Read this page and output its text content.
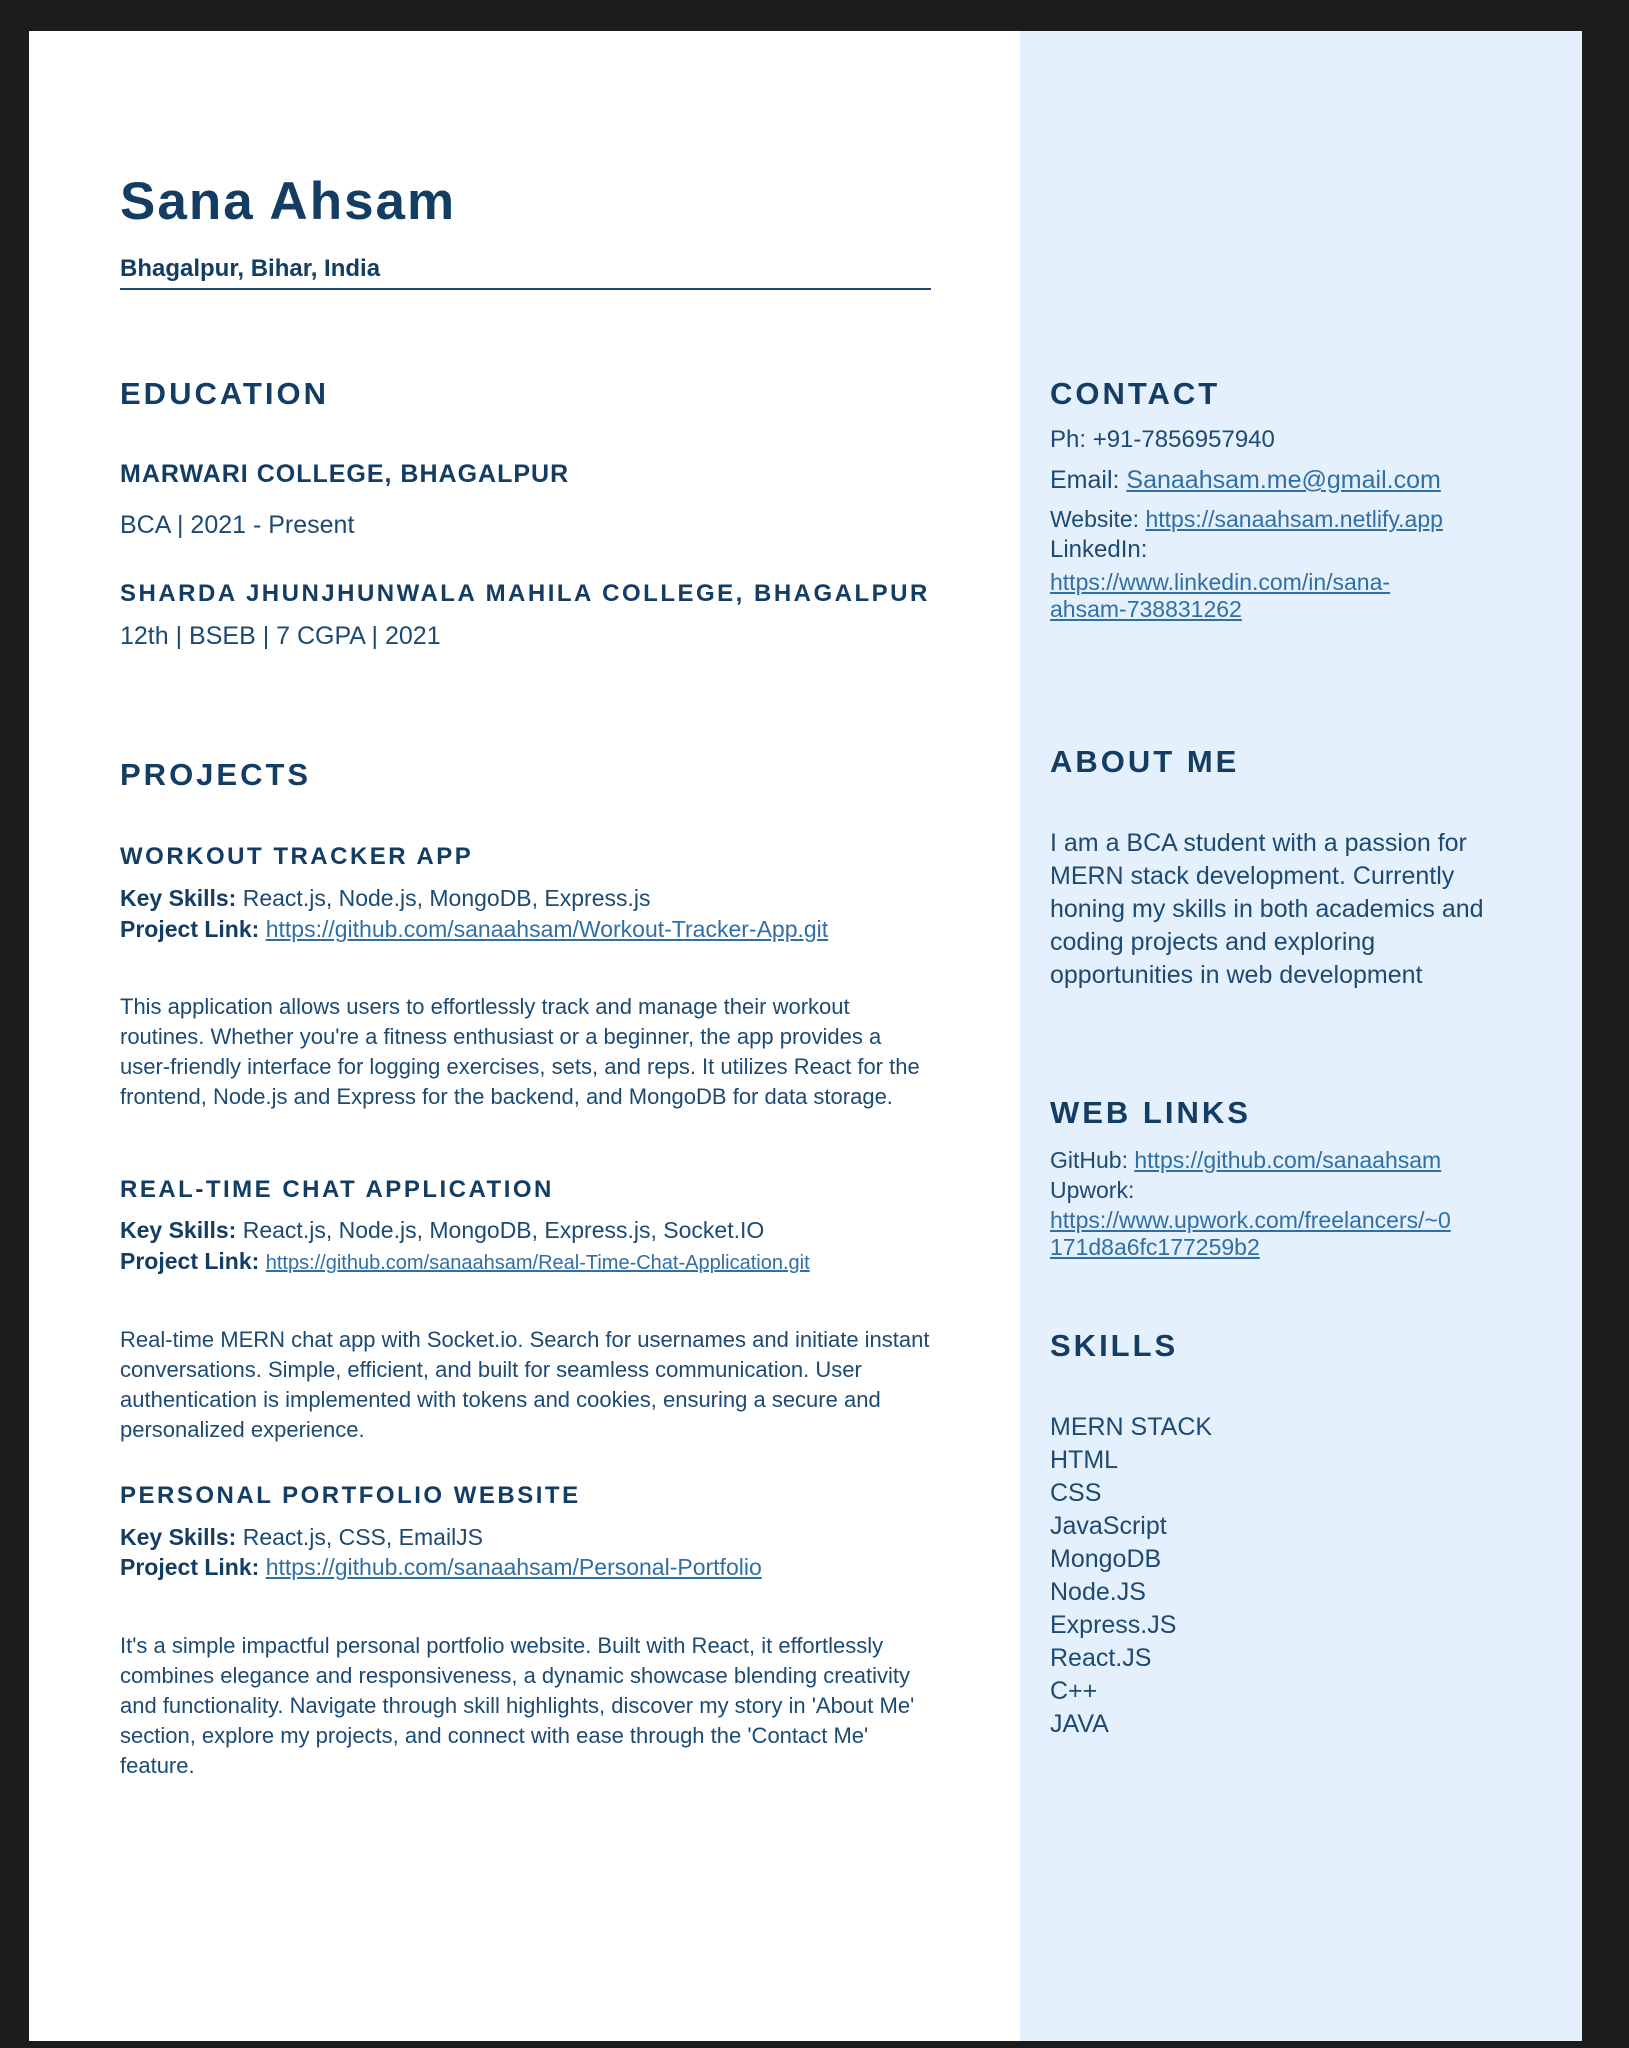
Sana Ahsam
Bhagalpur, Bihar, India
EDUCATION
MARWARI COLLEGE, BHAGALPUR
BCA | 2021 - Present
SHARDA JHUNJHUNWALA MAHILA COLLEGE, BHAGALPUR
12th | BSEB | 7 CGPA | 2021
PROJECTS
WORKOUT TRACKER APP
Key Skills: React.js, Node.js, MongoDB, Express.js
Project Link: https://github.com/sanaahsam/Workout-Tracker-App.git
This application allows users to effortlessly track and manage their workout routines. Whether you're a fitness enthusiast or a beginner, the app provides a user-friendly interface for logging exercises, sets, and reps. It utilizes React for the frontend, Node.js and Express for the backend, and MongoDB for data storage.
REAL-TIME CHAT APPLICATION
Key Skills: React.js, Node.js, MongoDB, Express.js, Socket.IO
Project Link: https://github.com/sanaahsam/Real-Time-Chat-Application.git
Real-time MERN chat app with Socket.io. Search for usernames and initiate instant conversations. Simple, efficient, and built for seamless communication. User authentication is implemented with tokens and cookies, ensuring a secure and personalized experience.
PERSONAL PORTFOLIO WEBSITE
Key Skills: React.js, CSS, EmailJS
Project Link: https://github.com/sanaahsam/Personal-Portfolio
It's a simple impactful personal portfolio website. Built with React, it effortlessly combines elegance and responsiveness, a dynamic showcase blending creativity and functionality. Navigate through skill highlights, discover my story in 'About Me' section, explore my projects, and connect with ease through the 'Contact Me' feature.
CONTACT
Ph: +91-7856957940
Email: Sanaahsam.me@gmail.com
Website: https://sanaahsam.netlify.app
LinkedIn:
https://www.linkedin.com/in/sana-
ahsam-738831262
ABOUT ME
I am a BCA student with a passion for MERN stack development. Currently honing my skills in both academics and coding projects and exploring opportunities in web development
WEB LINKS
GitHub: https://github.com/sanaahsam
Upwork:
https://www.upwork.com/freelancers/~0
171d8a6fc177259b2
SKILLS
MERN STACK
HTML
CSS
JavaScript
MongoDB
Node.JS
Express.JS
React.JS
C++
JAVA
